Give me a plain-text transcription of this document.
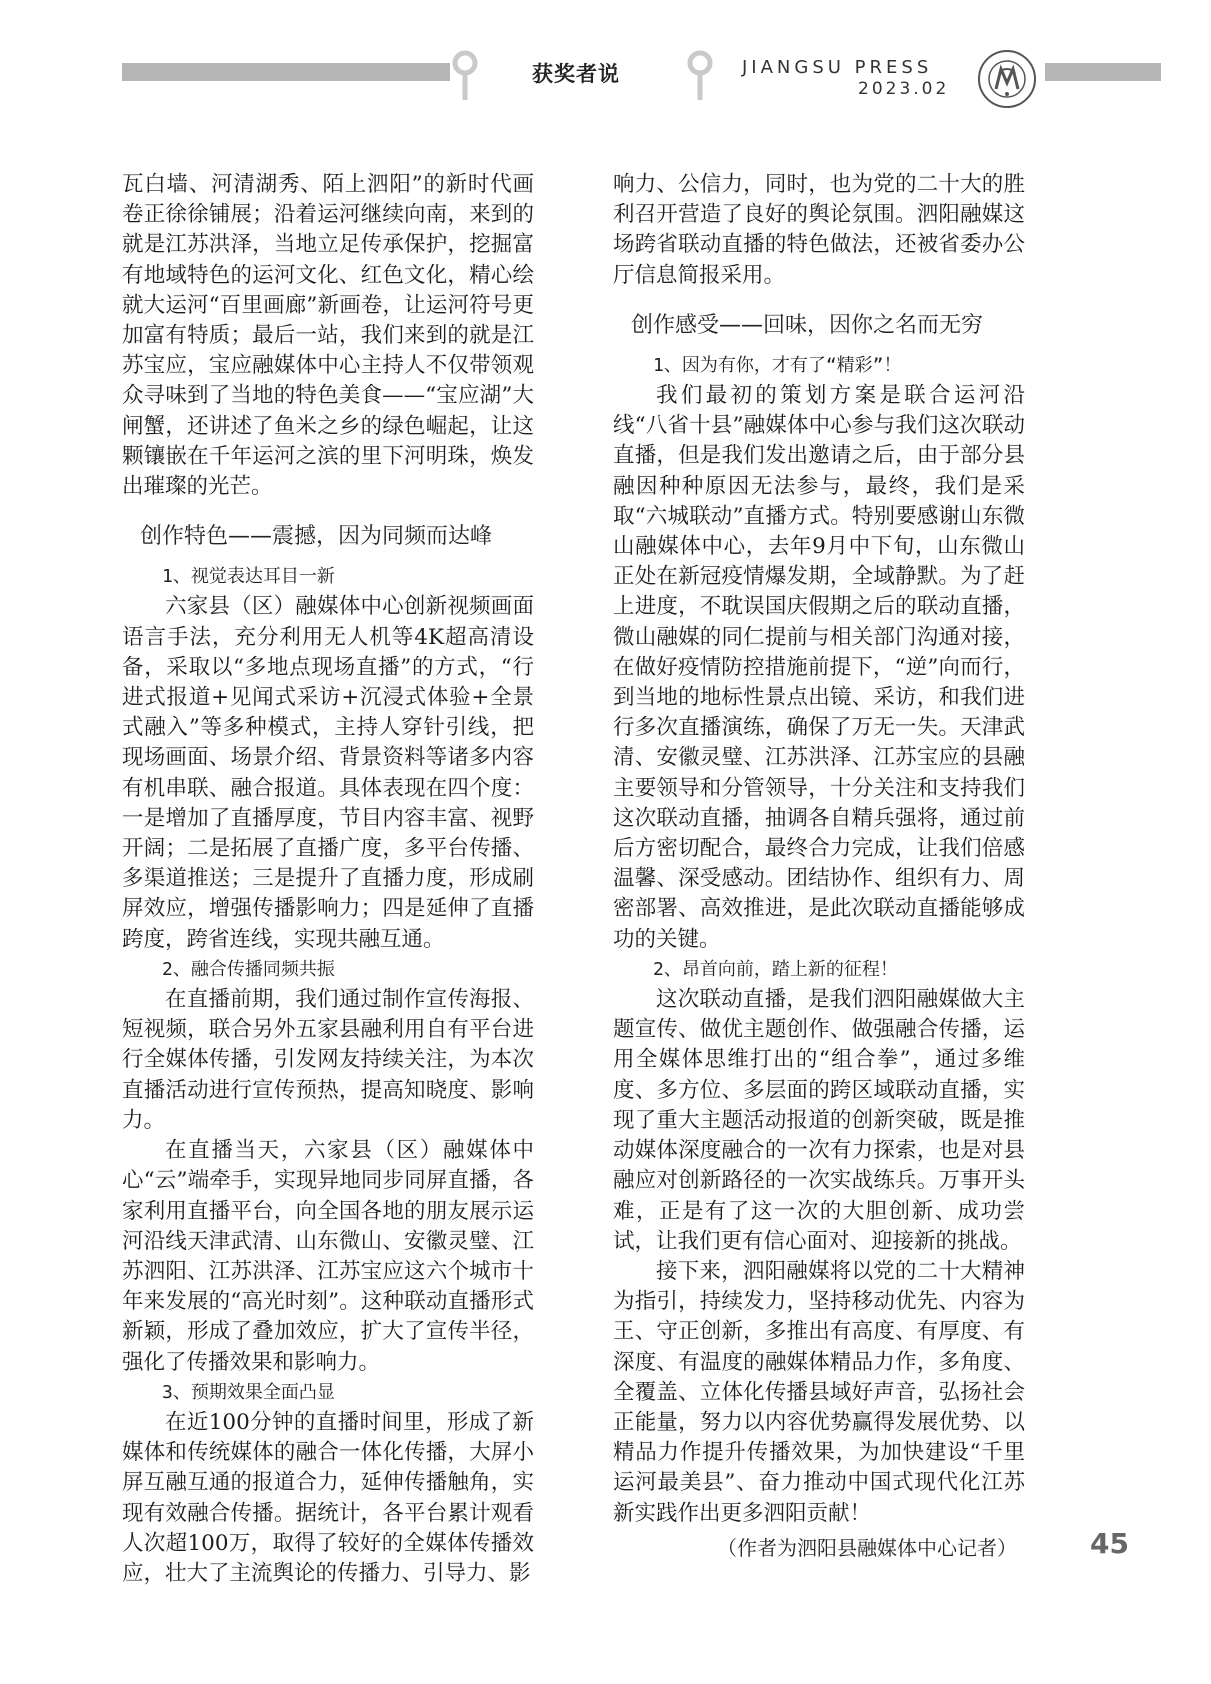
获奖者说	JIANGSU PRESS
2023.02

瓦白墙、河清湖秀、陌上泗阳”的新时代画卷正徐徐铺展；沿着运河继续向南，来到的就是江苏洪泽，当地立足传承保护，挖掘富有地域特色的运河文化、红色文化，精心绘就大运河“百里画廊”新画卷，让运河符号更加富有特质；最后一站，我们来到的就是江苏宝应，宝应融媒体中心主持人不仅带领观众寻味到了当地的特色美食——“宝应湖”大闸蟹，还讲述了鱼米之乡的绿色崛起，让这颗镶嵌在千年运河之滨的里下河明珠，焕发出璀璨的光芒。

创作特色——震撼，因为同频而达峰

1、视觉表达耳目一新

六家县（区）融媒体中心创新视频画面语言手法，充分利用无人机等4K超高清设备，采取以“多地点现场直播”的方式，“行进式报道+见闻式采访+沉浸式体验+全景式融入”等多种模式，主持人穿针引线，把现场画面、场景介绍、背景资料等诸多内容有机串联、融合报道。具体表现在四个度：一是增加了直播厚度，节目内容丰富、视野开阔；二是拓展了直播广度，多平台传播、多渠道推送；三是提升了直播力度，形成刷屏效应，增强传播影响力；四是延伸了直播跨度，跨省连线，实现共融互通。

2、融合传播同频共振

在直播前期，我们通过制作宣传海报、短视频，联合另外五家县融利用自有平台进行全媒体传播，引发网友持续关注，为本次直播活动进行宣传预热，提高知晓度、影响力。

在直播当天，六家县（区）融媒体中心“云”端牵手，实现异地同步同屏直播，各家利用直播平台，向全国各地的朋友展示运河沿线天津武清、山东微山、安徽灵璧、江苏泗阳、江苏洪泽、江苏宝应这六个城市十年来发展的“高光时刻”。这种联动直播形式新颖，形成了叠加效应，扩大了宣传半径，强化了传播效果和影响力。

3、预期效果全面凸显

在近100分钟的直播时间里，形成了新媒体和传统媒体的融合一体化传播，大屏小屏互融互通的报道合力，延伸传播触角，实现有效融合传播。据统计，各平台累计观看人次超100万，取得了较好的全媒体传播效应，壮大了主流舆论的传播力、引导力、影

响力、公信力，同时，也为党的二十大的胜利召开营造了良好的舆论氛围。泗阳融媒这场跨省联动直播的特色做法，还被省委办公厅信息简报采用。

创作感受——回味，因你之名而无穷

1、因为有你，才有了“精彩”！

我们最初的策划方案是联合运河沿线“八省十县”融媒体中心参与我们这次联动直播，但是我们发出邀请之后，由于部分县融因种种原因无法参与，最终，我们是采取“六城联动”直播方式。特别要感谢山东微山融媒体中心，去年9月中下旬，山东微山正处在新冠疫情爆发期，全域静默。为了赶上进度，不耽误国庆假期之后的联动直播，微山融媒的同仁提前与相关部门沟通对接，在做好疫情防控措施前提下，“逆”向而行，到当地的地标性景点出镜、采访，和我们进行多次直播演练，确保了万无一失。天津武清、安徽灵璧、江苏洪泽、江苏宝应的县融主要领导和分管领导，十分关注和支持我们这次联动直播，抽调各自精兵强将，通过前后方密切配合，最终合力完成，让我们倍感温馨、深受感动。团结协作、组织有力、周密部署、高效推进，是此次联动直播能够成功的关键。

2、昂首向前，踏上新的征程！

这次联动直播，是我们泗阳融媒做大主题宣传、做优主题创作、做强融合传播，运用全媒体思维打出的“组合拳”，通过多维度、多方位、多层面的跨区域联动直播，实现了重大主题活动报道的创新突破，既是推动媒体深度融合的一次有力探索，也是对县融应对创新路径的一次实战练兵。万事开头难，正是有了这一次的大胆创新、成功尝试，让我们更有信心面对、迎接新的挑战。

接下来，泗阳融媒将以党的二十大精神为指引，持续发力，坚持移动优先、内容为王、守正创新，多推出有高度、有厚度、有深度、有温度的融媒体精品力作，多角度、全覆盖、立体化传播县域好声音，弘扬社会正能量，努力以内容优势赢得发展优势、以精品力作提升传播效果，为加快建设“千里运河最美县”、奋力推动中国式现代化江苏新实践作出更多泗阳贡献！

（作者为泗阳县融媒体中心记者）	45
